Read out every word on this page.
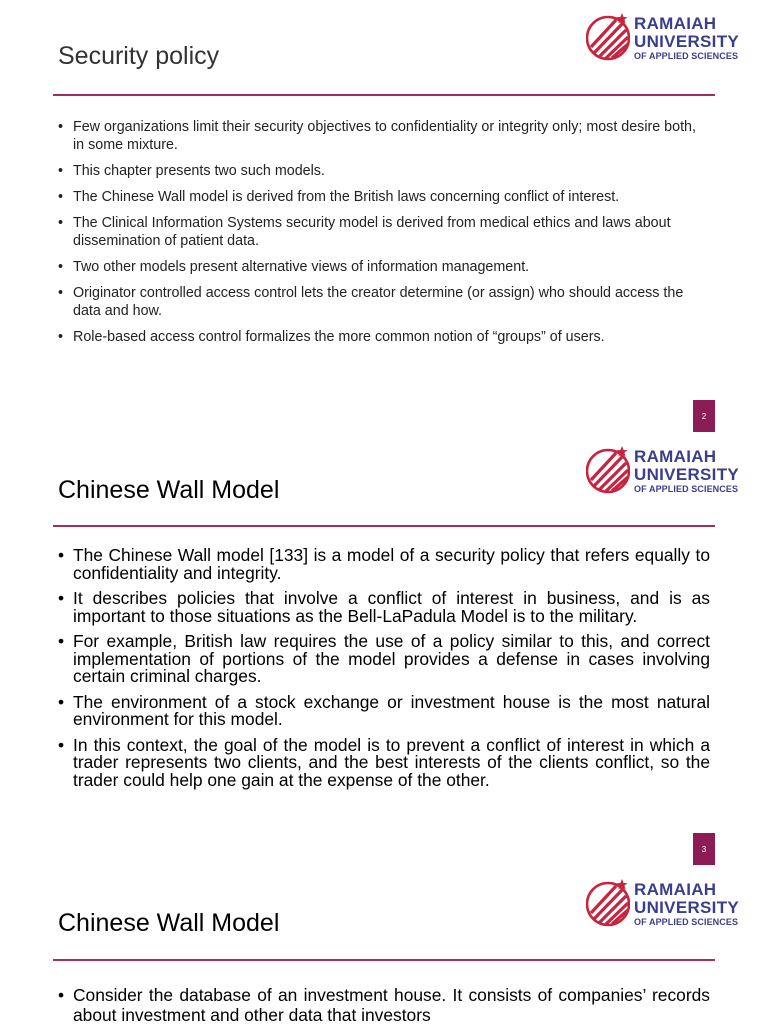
Security policy
RAMAIAH
UNIVERSITY
OF APPLIED SCIENCES
• Few organizations limit their security objectives to confidentiality or integrity only; most desire both, in some mixture.
• This chapter presents two such models.
• The Chinese Wall model is derived from the British laws concerning conflict of interest.
• The Clinical Information Systems security model is derived from medical ethics and laws about dissemination of patient data.
• Two other models present alternative views of information management.
• Originator controlled access control lets the creator determine (or assign) who should access the data and how.
• Role-based access control formalizes the more common notion of “groups” of users.
2
Chinese Wall Model
RAMAIAH
UNIVERSITY
OF APPLIED SCIENCES
• The Chinese Wall model [133] is a model of a security policy that refers equally to confidentiality and integrity.
• It describes policies that involve a conflict of interest in business, and is as important to those situations as the Bell-LaPadula Model is to the military.
• For example, British law requires the use of a policy similar to this, and correct implementation of portions of the model provides a defense in cases involving certain criminal charges.
• The environment of a stock exchange or investment house is the most natural environment for this model.
• In this context, the goal of the model is to prevent a conflict of interest in which a trader represents two clients, and the best interests of the clients conflict, so the trader could help one gain at the expense of the other.
3
Chinese Wall Model
RAMAIAH
UNIVERSITY
OF APPLIED SCIENCES
• Consider the database of an investment house. It consists of companies’ records about investment and other data that investors
